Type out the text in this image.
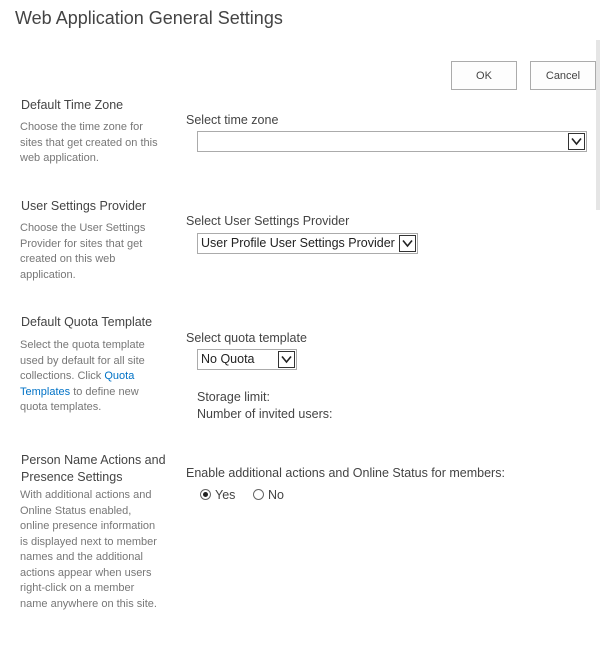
Web Application General Settings
OK	Cancel
Default Time Zone
Choose the time zone for sites that get created on this web application.
Select time zone
User Settings Provider
Choose the User Settings Provider for sites that get created on this web application.
Select User Settings Provider
User Profile User Settings Provider
Default Quota Template
Select the quota template used by default for all site collections. Click Quota Templates to define new quota templates.
Select quota template
No Quota
Storage limit:
Number of invited users:
Person Name Actions and Presence Settings
With additional actions and Online Status enabled, online presence information is displayed next to member names and the additional actions appear when users right-click on a member name anywhere on this site.
Enable additional actions and Online Status for members:
Yes	No
